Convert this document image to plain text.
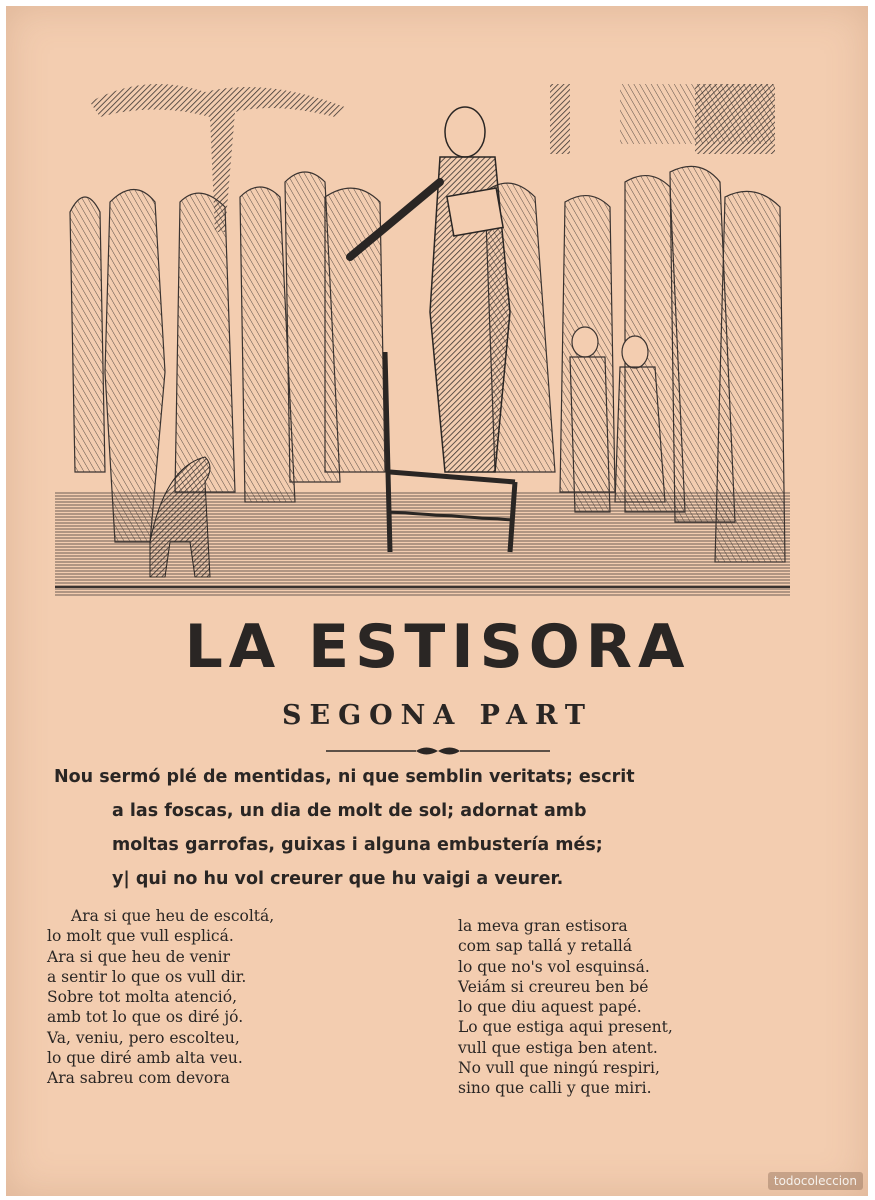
LA ESTISORA
SEGONA PART
Nou sermó plé de mentidas, ni que semblin veritats; escrit
a las foscas, un dia de molt de sol; adornat amb
moltas garrofas, guixas i alguna embustería més;
y| qui no hu vol creurer que hu vaigi a veurer.
Ara si que heu de escoltá,
lo molt que vull esplicá.
Ara si que heu de venir
a sentir lo que os vull dir.
Sobre tot molta atenció,
amb tot lo que os diré jó.
Va, veniu, pero escolteu,
lo que diré amb alta veu.
Ara sabreu com devora
la meva gran estisora
com sap tallá y retallá
lo que no's vol esquinsá.
Veiám si creureu ben bé
lo que diu aquest papé.
Lo que estiga aqui present,
vull que estiga ben atent.
No vull que ningú respiri,
sino que calli y que miri.
todocoleccion
